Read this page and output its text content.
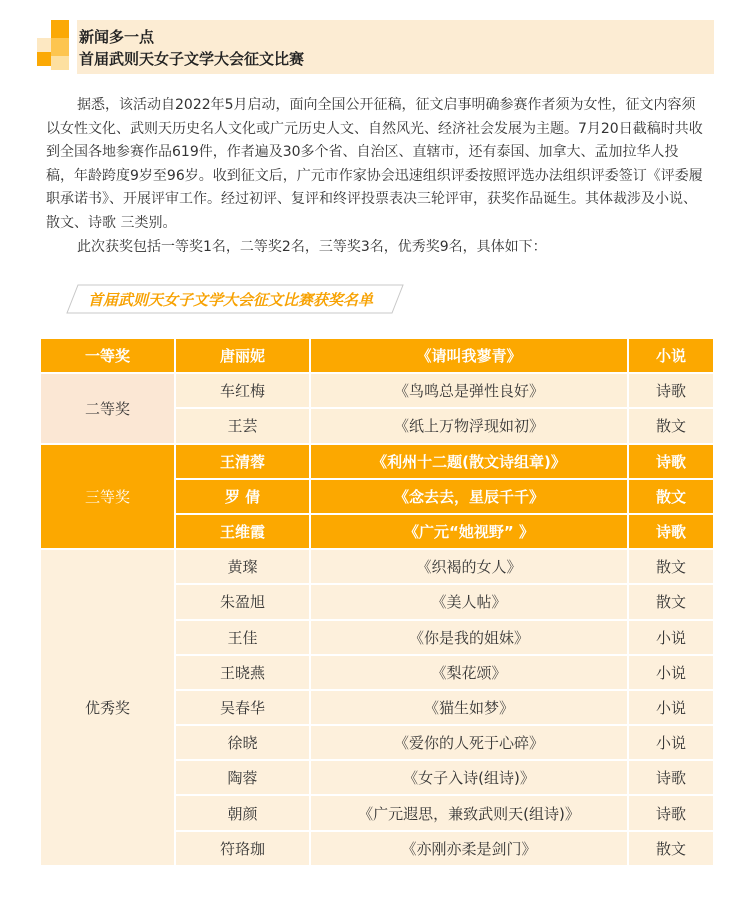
新闻多一点
首届武则天女子文学大会征文比赛

据悉，该活动自2022年5月启动，面向全国公开征稿，征文启事明确参赛作者须为女性，征文内容须以女性文化、武则天历史名人文化或广元历史人文、自然风光、经济社会发展为主题。7月20日截稿时共收到全国各地参赛作品619件，作者遍及30多个省、自治区、直辖市，还有泰国、加拿大、孟加拉华人投稿，年龄跨度9岁至96岁。收到征文后，广元市作家协会迅速组织评委按照评选办法组织评委签订《评委履职承诺书》、开展评审工作。经过初评、复评和终评投票表决三轮评审，获奖作品诞生。其体裁涉及小说、散文、诗歌 三类别。

此次获奖包括一等奖1名，二等奖2名，三等奖3名，优秀奖9名，具体如下：

首届武则天女子文学大会征文比赛获奖名单
一等奖	唐丽妮	《请叫我蓼青》	小说
二等奖	车红梅	《鸟鸣总是弹性良好》	诗歌
	王芸	《纸上万物浮现如初》	散文
三等奖	王清蓉	《利州十二题(散文诗组章)》	诗歌
	罗 倩	《念去去，星辰千千》	散文
	王维霞	《广元“她视野” 》	诗歌
优秀奖	黄璨	《织褐的女人》	散文
	朱盈旭	《美人帖》	散文
	王佳	《你是我的姐妹》	小说
	王晓燕	《梨花颂》	小说
	吴春华	《猫生如梦》	小说
	徐晓	《爱你的人死于心碎》	小说
	陶蓉	《女子入诗(组诗)》	诗歌
	朝颜	《广元遐思，兼致武则天(组诗)》	诗歌
	符珞珈	《亦刚亦柔是剑门》	散文
